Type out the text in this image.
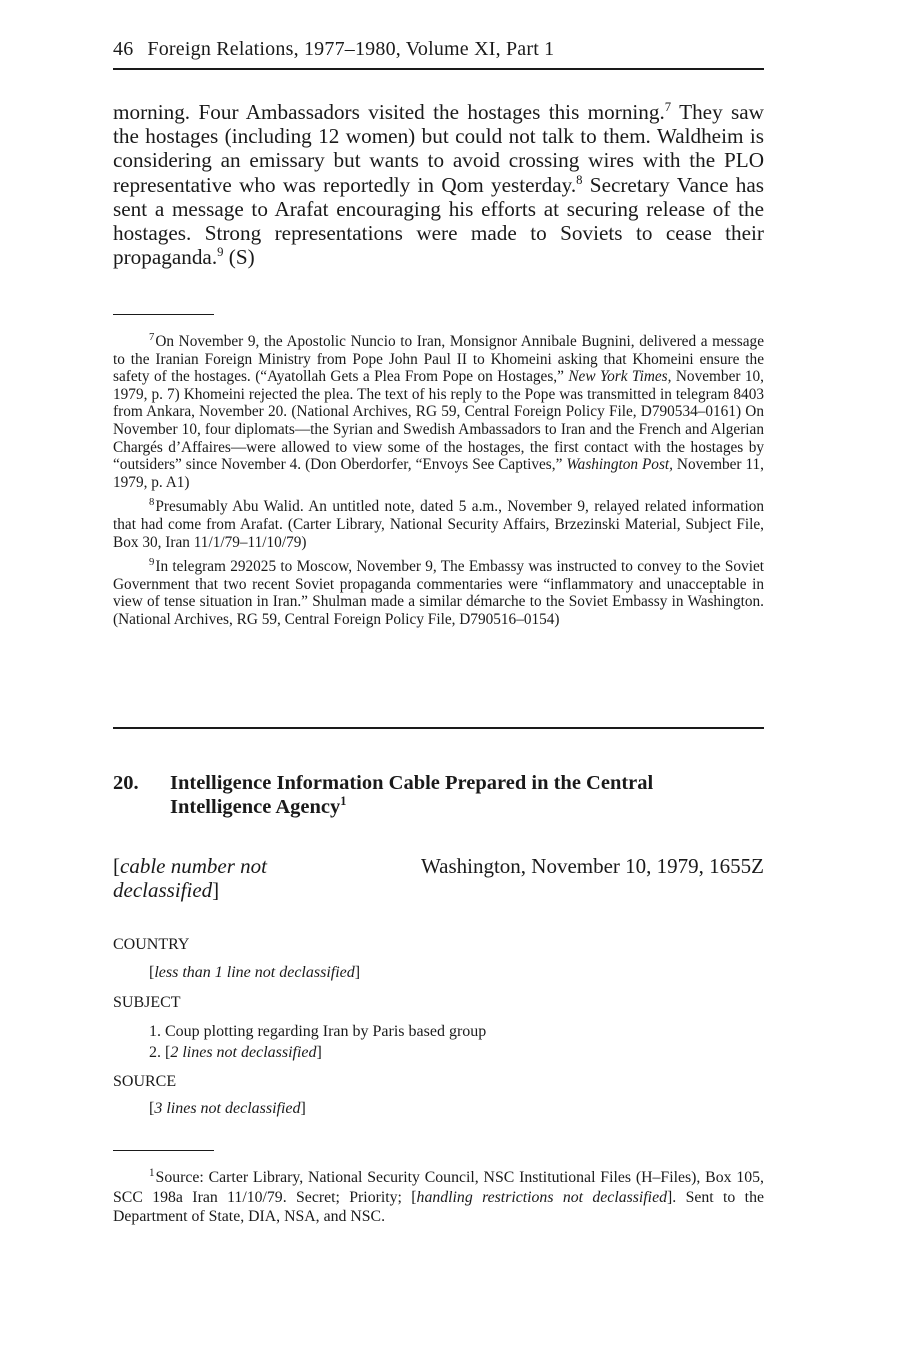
46 Foreign Relations, 1977–1980, Volume XI, Part 1
morning. Four Ambassadors visited the hostages this morning.$^7$ They saw the hostages (including 12 women) but could not talk to them. Waldheim is considering an emissary but wants to avoid crossing wires with the PLO representative who was reportedly in Qom yesterday.$^8$ Secretary Vance has sent a message to Arafat encouraging his efforts at securing release of the hostages. Strong representations were made to Soviets to cease their propaganda.$^9$ (S)

$^7$On November 9, the Apostolic Nuncio to Iran, Monsignor Annibale Bugnini, delivered a message to the Iranian Foreign Ministry from Pope John Paul II to Khomeini asking that Khomeini ensure the safety of the hostages. (“Ayatollah Gets a Plea From Pope on Hostages,” New York Times, November 10, 1979, p. 7) Khomeini rejected the plea. The text of his reply to the Pope was transmitted in telegram 8403 from Ankara, November 20. (National Archives, RG 59, Central Foreign Policy File, D790534–0161) On November 10, four diplomats—the Syrian and Swedish Ambassadors to Iran and the French and Algerian Chargés d’Affaires—were allowed to view some of the hostages, the first contact with the hostages by “outsiders” since November 4. (Don Oberdorfer, “Envoys See Captives,” Washington Post, November 11, 1979, p. A1)

$^8$Presumably Abu Walid. An untitled note, dated 5 a.m., November 9, relayed related information that had come from Arafat. (Carter Library, National Security Affairs, Brzezinski Material, Subject File, Box 30, Iran 11/1/79–11/10/79)

$^9$In telegram 292025 to Moscow, November 9, The Embassy was instructed to convey to the Soviet Government that two recent Soviet propaganda commentaries were “inflammatory and unacceptable in view of tense situation in Iran.” Shulman made a similar démarche to the Soviet Embassy in Washington. (National Archives, RG 59, Central Foreign Policy File, D790516–0154)

20. Intelligence Information Cable Prepared in the Central Intelligence Agency$^1$
[cable number not declassified]
Washington, November 10, 1979, 1655Z
COUNTRY
[less than 1 line not declassified]
SUBJECT
1. Coup plotting regarding Iran by Paris based group
2. [2 lines not declassified]
SOURCE
[3 lines not declassified]

$^1$Source: Carter Library, National Security Council, NSC Institutional Files (H–Files), Box 105, SCC 198a Iran 11/10/79. Secret; Priority; [handling restrictions not declassified]. Sent to the Department of State, DIA, NSA, and NSC.
